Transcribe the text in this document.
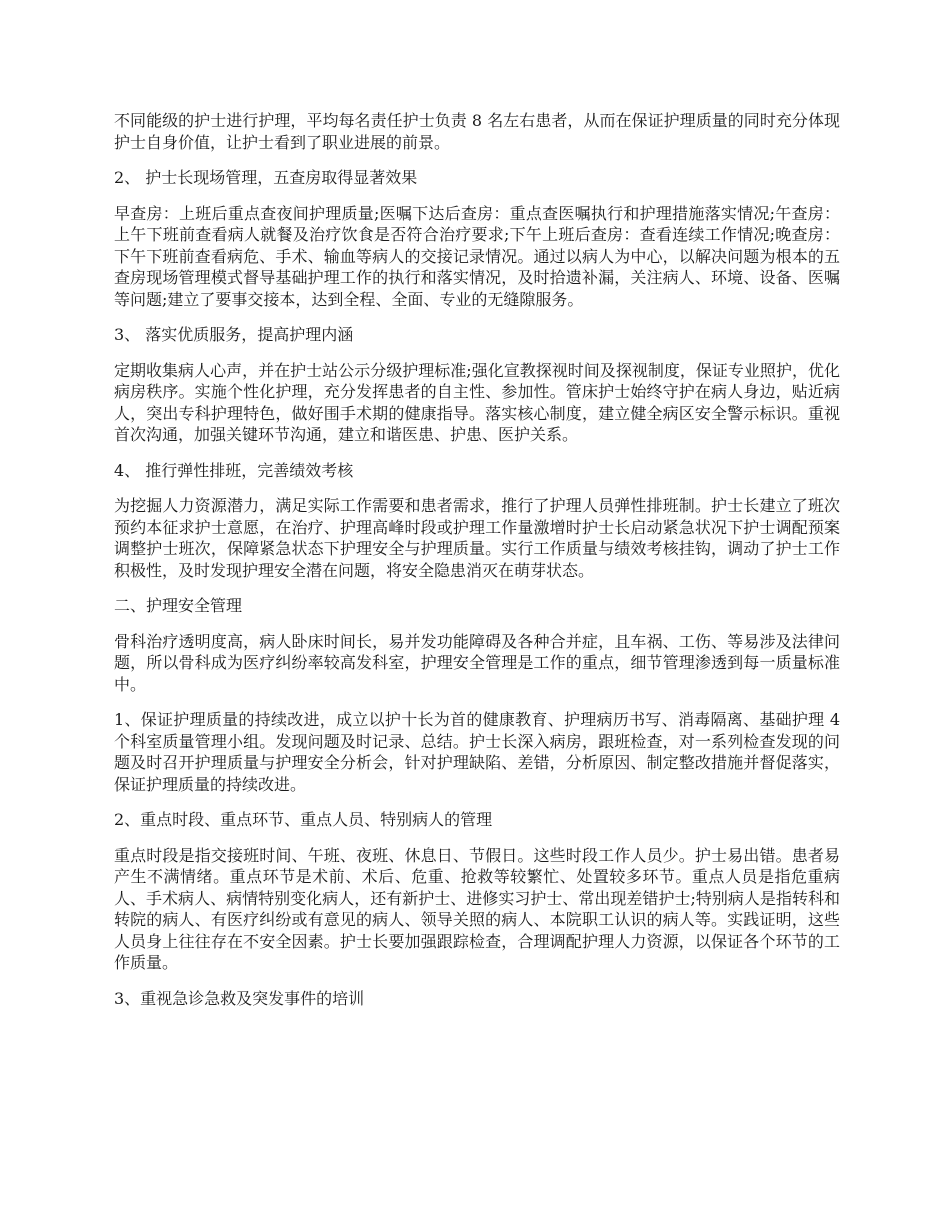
不同能级的护士进行护理，平均每名责任护士负责 8 名左右患者，从而在保证护理质量的同时充分体现护士自身价值，让护士看到了职业进展的前景。

2、 护士长现场管理，五查房取得显著效果

早查房：上班后重点查夜间护理质量;医嘱下达后查房：重点查医嘱执行和护理措施落实情况;午查房：上午下班前查看病人就餐及治疗饮食是否符合治疗要求;下午上班后查房：查看连续工作情况;晚查房：下午下班前查看病危、手术、输血等病人的交接记录情况。通过以病人为中心，以解决问题为根本的五查房现场管理模式督导基础护理工作的执行和落实情况，及时拾遗补漏，关注病人、环境、设备、医嘱等问题;建立了要事交接本，达到全程、全面、专业的无缝隙服务。

3、 落实优质服务，提高护理内涵

定期收集病人心声，并在护士站公示分级护理标准;强化宣教探视时间及探视制度，保证专业照护，优化病房秩序。实施个性化护理，充分发挥患者的自主性、参加性。管床护士始终守护在病人身边，贴近病人，突出专科护理特色，做好围手术期的健康指导。落实核心制度，建立健全病区安全警示标识。重视首次沟通，加强关键环节沟通，建立和谐医患、护患、医护关系。

4、 推行弹性排班，完善绩效考核

为挖掘人力资源潜力，满足实际工作需要和患者需求，推行了护理人员弹性排班制。护士长建立了班次预约本征求护士意愿，在治疗、护理高峰时段或护理工作量激增时护士长启动紧急状况下护士调配预案调整护士班次，保障紧急状态下护理安全与护理质量。实行工作质量与绩效考核挂钩，调动了护士工作积极性，及时发现护理安全潜在问题，将安全隐患消灭在萌芽状态。

二、护理安全管理

骨科治疗透明度高，病人卧床时间长，易并发功能障碍及各种合并症，且车祸、工伤、等易涉及法律问题，所以骨科成为医疗纠纷率较高发科室，护理安全管理是工作的重点，细节管理渗透到每一质量标准中。

1、保证护理质量的持续改进，成立以护十长为首的健康教育、护理病历书写、消毒隔离、基础护理 4 个科室质量管理小组。发现问题及时记录、总结。护士长深入病房，跟班检查，对一系列检查发现的问题及时召开护理质量与护理安全分析会，针对护理缺陷、差错，分析原因、制定整改措施并督促落实，保证护理质量的持续改进。

2、重点时段、重点环节、重点人员、特别病人的管理

重点时段是指交接班时间、午班、夜班、休息日、节假日。这些时段工作人员少。护士易出错。患者易产生不满情绪。重点环节是术前、术后、危重、抢救等较繁忙、处置较多环节。重点人员是指危重病人、手术病人、病情特别变化病人，还有新护士、进修实习护士、常出现差错护士;特别病人是指转科和转院的病人、有医疗纠纷或有意见的病人、领导关照的病人、本院职工认识的病人等。实践证明，这些人员身上往往存在不安全因素。护士长要加强跟踪检查，合理调配护理人力资源，以保证各个环节的工作质量。

3、重视急诊急救及突发事件的培训
